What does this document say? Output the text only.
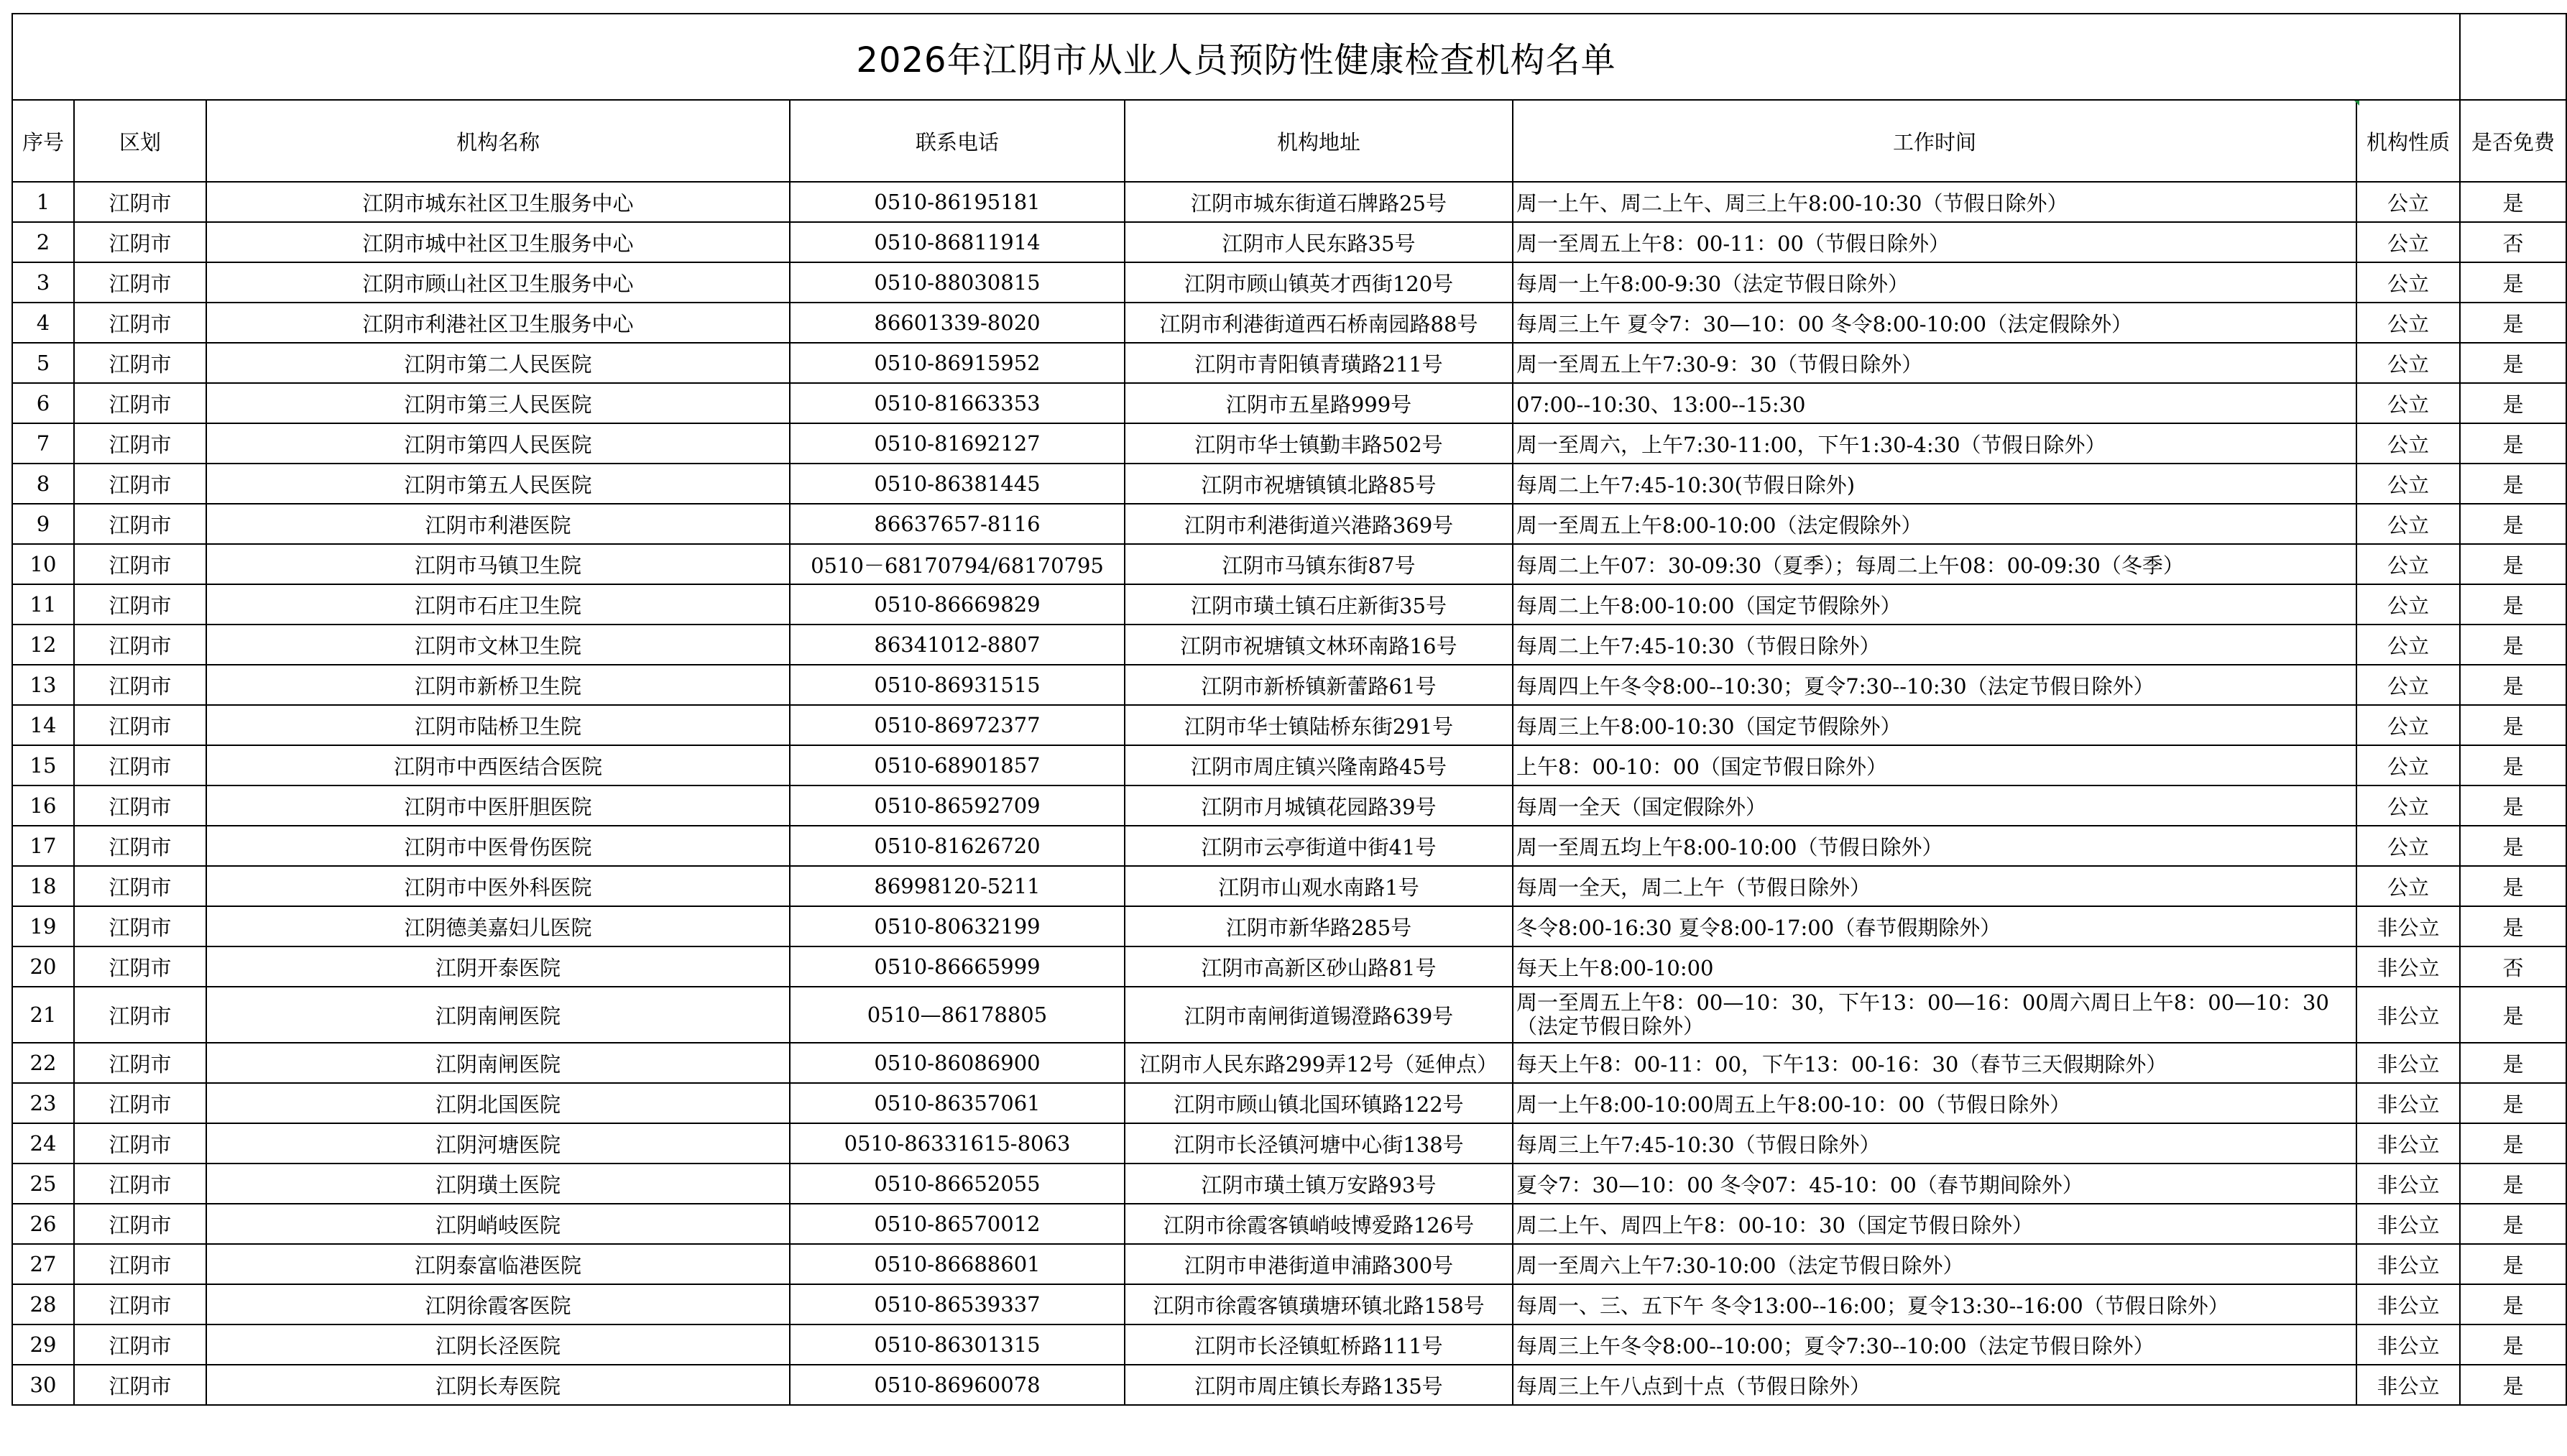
2026年江阴市从业人员预防性健康检查机构名单							
序号	区划	机构名称	联系电话	机构地址	工作时间	机构性质	是否免费
1	江阴市	江阴市城东社区卫生服务中心	0510-86195181	江阴市城东街道石牌路25号	周一上午、周二上午、周三上午8:00-10:30（节假日除外）	公立	是
2	江阴市	江阴市城中社区卫生服务中心	0510-86811914	江阴市人民东路35号	周一至周五上午8：00-11：00（节假日除外）	公立	否
3	江阴市	江阴市顾山社区卫生服务中心	0510-88030815	江阴市顾山镇英才西街120号	每周一上午8:00-9:30（法定节假日除外）	公立	是
4	江阴市	江阴市利港社区卫生服务中心	86601339-8020	江阴市利港街道西石桥南园路88号	每周三上午 夏令7：30—10：00 冬令8:00-10:00（法定假除外）	公立	是
5	江阴市	江阴市第二人民医院	0510-86915952	江阴市青阳镇青璜路211号	周一至周五上午7:30-9：30（节假日除外）	公立	是
6	江阴市	江阴市第三人民医院	0510-81663353	江阴市五星路999号	07:00--10:30、13:00--15:30	公立	是
7	江阴市	江阴市第四人民医院	0510-81692127	江阴市华士镇勤丰路502号	周一至周六，上午7:30-11:00，下午1:30-4:30（节假日除外）	公立	是
8	江阴市	江阴市第五人民医院	0510-86381445	江阴市祝塘镇镇北路85号	每周二上午7:45-10:30(节假日除外)	公立	是
9	江阴市	江阴市利港医院	86637657-8116	江阴市利港街道兴港路369号	周一至周五上午8:00-10:00（法定假除外）	公立	是
10	江阴市	江阴市马镇卫生院	0510－68170794/68170795	江阴市马镇东街87号	每周二上午07：30-09:30（夏季）；每周二上午08：00-09:30（冬季）	公立	是
11	江阴市	江阴市石庄卫生院	0510-86669829	江阴市璜土镇石庄新街35号	每周二上午8:00-10:00（国定节假除外）	公立	是
12	江阴市	江阴市文林卫生院	86341012-8807	江阴市祝塘镇文林环南路16号	每周二上午7:45-10:30（节假日除外）	公立	是
13	江阴市	江阴市新桥卫生院	0510-86931515	江阴市新桥镇新蕾路61号	每周四上午冬令8:00--10:30；夏令7:30--10:30（法定节假日除外）	公立	是
14	江阴市	江阴市陆桥卫生院	0510-86972377	江阴市华士镇陆桥东街291号	每周三上午8:00-10:30（国定节假除外）	公立	是
15	江阴市	江阴市中西医结合医院	0510-68901857	江阴市周庄镇兴隆南路45号	上午8：00-10：00（国定节假日除外）	公立	是
16	江阴市	江阴市中医肝胆医院	0510-86592709	江阴市月城镇花园路39号	每周一全天（国定假除外）	公立	是
17	江阴市	江阴市中医骨伤医院	0510-81626720	江阴市云亭街道中街41号	周一至周五均上午8:00-10:00（节假日除外）	公立	是
18	江阴市	江阴市中医外科医院	86998120-5211	江阴市山观水南路1号	每周一全天，周二上午（节假日除外）	公立	是
19	江阴市	江阴德美嘉妇儿医院	0510-80632199	江阴市新华路285号	冬令8:00-16:30 夏令8:00-17:00（春节假期除外）	非公立	是
20	江阴市	江阴开泰医院	0510-86665999	江阴市高新区砂山路81号	每天上午8:00-10:00	非公立	否
21	江阴市	江阴南闸医院	0510—86178805	江阴市南闸街道锡澄路639号	周一至周五上午8：00—10：30，下午13：00—16：00周六周日上午8：00—10：30（法定节假日除外）	非公立	是
22	江阴市	江阴南闸医院	0510-86086900	江阴市人民东路299弄12号（延伸点）	每天上午8：00-11：00，下午13：00-16：30（春节三天假期除外）	非公立	是
23	江阴市	江阴北国医院	0510-86357061	江阴市顾山镇北国环镇路122号	周一上午8:00-10:00周五上午8:00-10：00（节假日除外）	非公立	是
24	江阴市	江阴河塘医院	0510-86331615-8063	江阴市长泾镇河塘中心街138号	每周三上午7:45-10:30（节假日除外）	非公立	是
25	江阴市	江阴璜土医院	0510-86652055	江阴市璜土镇万安路93号	夏令7：30—10：00 冬令07：45-10：00（春节期间除外）	非公立	是
26	江阴市	江阴峭岐医院	0510-86570012	江阴市徐霞客镇峭岐博爱路126号	周二上午、周四上午8：00-10：30（国定节假日除外）	非公立	是
27	江阴市	江阴泰富临港医院	0510-86688601	江阴市申港街道申浦路300号	周一至周六上午7:30-10:00（法定节假日除外）	非公立	是
28	江阴市	江阴徐霞客医院	0510-86539337	江阴市徐霞客镇璜塘环镇北路158号	每周一、三、五下午 冬令13:00--16:00；夏令13:30--16:00（节假日除外）	非公立	是
29	江阴市	江阴长泾医院	0510-86301315	江阴市长泾镇虹桥路111号	每周三上午冬令8:00--10:00；夏令7:30--10:00（法定节假日除外）	非公立	是
30	江阴市	江阴长寿医院	0510-86960078	江阴市周庄镇长寿路135号	每周三上午八点到十点（节假日除外）	非公立	是
